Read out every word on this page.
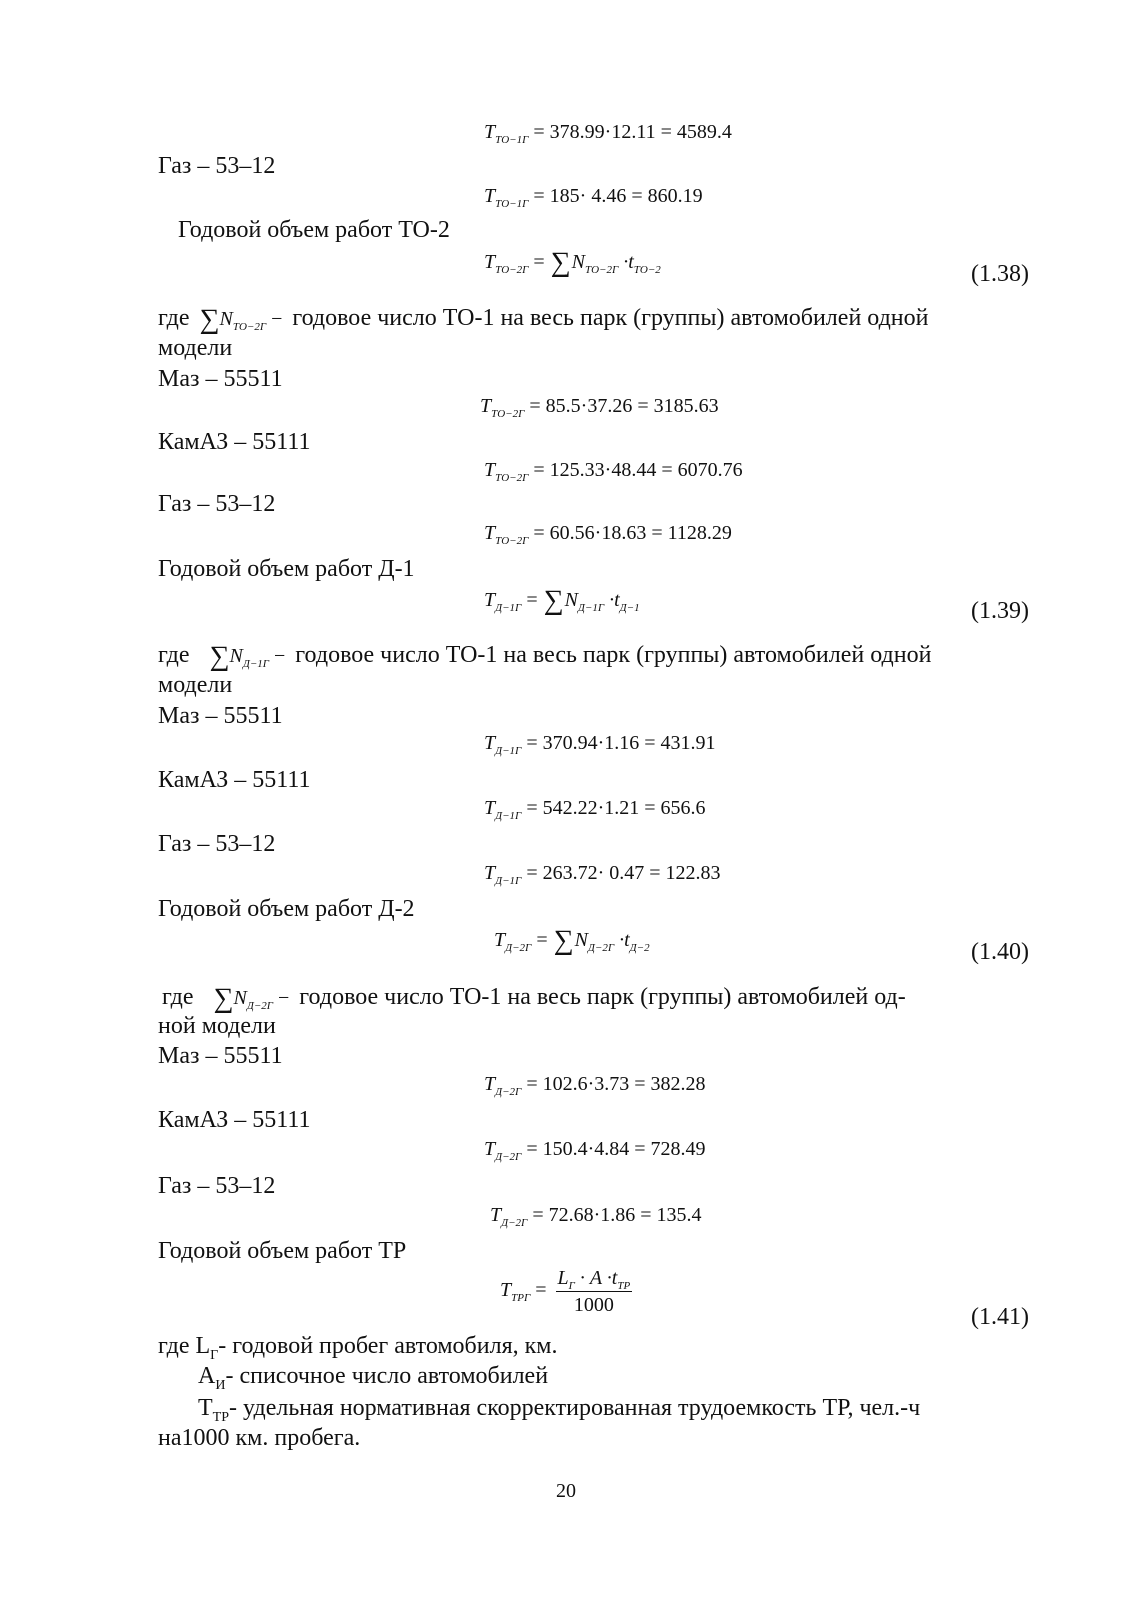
$T_{ТО-1Г} = 378.99\cdot 12.11 = 4589.4$
Газ – 53–12
$T_{ТО-1Г} = 185\cdot 4.46 = 860.19$
Годовой объем работ ТО-2
$T_{ТО-2Г} = \sum N_{ТО-2Г} \cdot t_{ТО-2}$	(1.38)
где $\sum N_{ТО-2Г}$ − годовое число ТО-1 на весь парк (группы) автомобилей одной
модели
Маз – 55511
$T_{ТО-2Г} = 85.5\cdot 37.26 = 3185.63$
КамАЗ – 55111
$T_{ТО-2Г} = 125.33\cdot 48.44 = 6070.76$
Газ – 53–12
$T_{ТО-2Г} = 60.56\cdot 18.63 = 1128.29$
Годовой объем работ Д-1
$T_{Д-1Г} = \sum N_{Д-1Г} \cdot t_{Д-1}$	(1.39)
где $\sum N_{Д-1Г}$ − годовое число ТО-1 на весь парк (группы) автомобилей одной
модели
Маз – 55511
$T_{Д-1Г} = 370.94\cdot 1.16 = 431.91$
КамАЗ – 55111
$T_{Д-1Г} = 542.22\cdot 1.21 = 656.6$
Газ – 53–12
$T_{Д-1Г} = 263.72\cdot 0.47 = 122.83$
Годовой объем работ Д-2
$T_{Д-2Г} = \sum N_{Д-2Г} \cdot t_{Д-2}$	(1.40)
где $\sum N_{Д-2Г}$ − годовое число ТО-1 на весь парк (группы) автомобилей од-
ной модели
Маз – 55511
$T_{Д-2Г} = 102.6\cdot 3.73 = 382.28$
КамАЗ – 55111
$T_{Д-2Г} = 150.4\cdot 4.84 = 728.49$
Газ – 53–12
$T_{Д-2Г} = 72.68\cdot 1.86 = 135.4$
Годовой объем работ ТР
$T_{ТРГ} = \frac{L_Г \cdot A \cdot t_{ТР}}{1000}$
(1.41)
где $L_Г-$ годовой пробег автомобиля, км.
$А_И-$ списочное число автомобилей
$Т_{ТР}-$ удельная нормативная скорректированная трудоемкость ТР, чел.-ч
на1000 км. пробега.
20
